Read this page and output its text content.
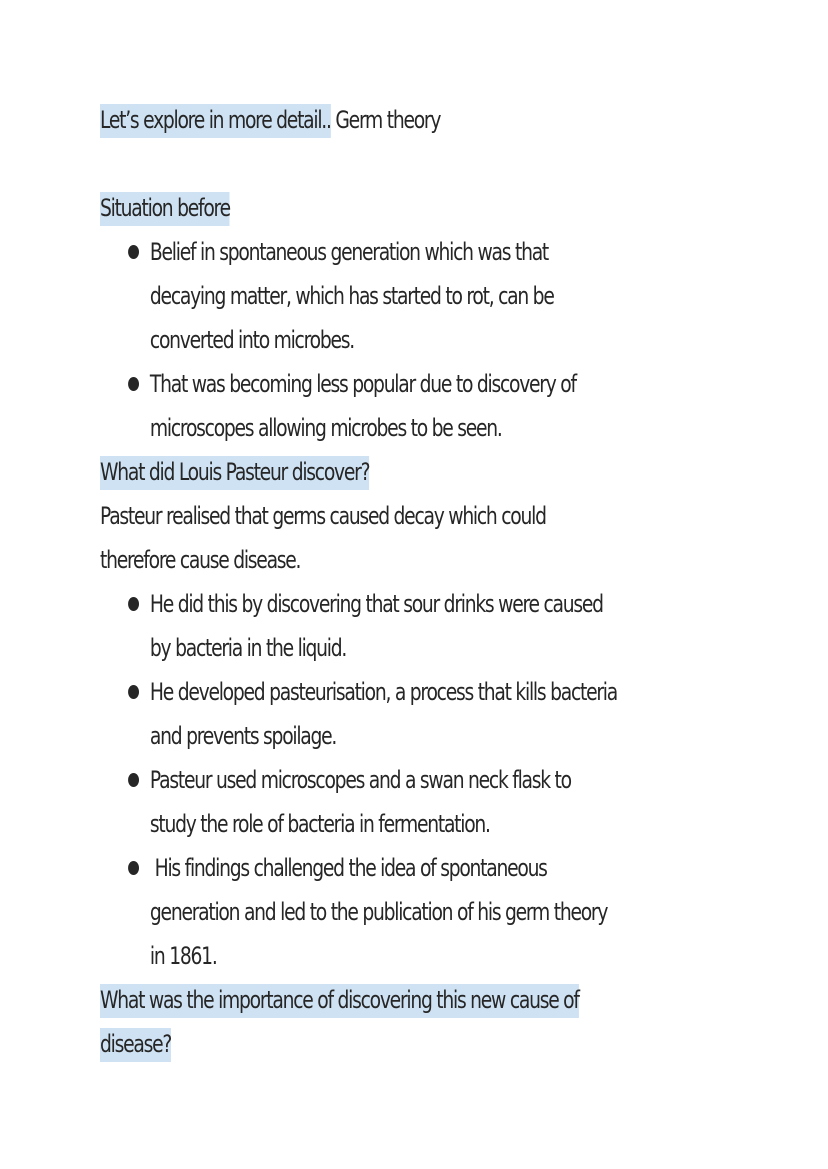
Let’s explore in more detail.. Germ theory
Situation before
Belief in spontaneous generation which was that
decaying matter, which has started to rot, can be
converted into microbes.
That was becoming less popular due to discovery of
microscopes allowing microbes to be seen.
What did Louis Pasteur discover?
Pasteur realised that germs caused decay which could
therefore cause disease.
He did this by discovering that sour drinks were caused
by bacteria in the liquid.
He developed pasteurisation, a process that kills bacteria
and prevents spoilage.
Pasteur used microscopes and a swan neck flask to
study the role of bacteria in fermentation.
His findings challenged the idea of spontaneous
generation and led to the publication of his germ theory
in 1861.
What was the importance of discovering this new cause of
disease?
